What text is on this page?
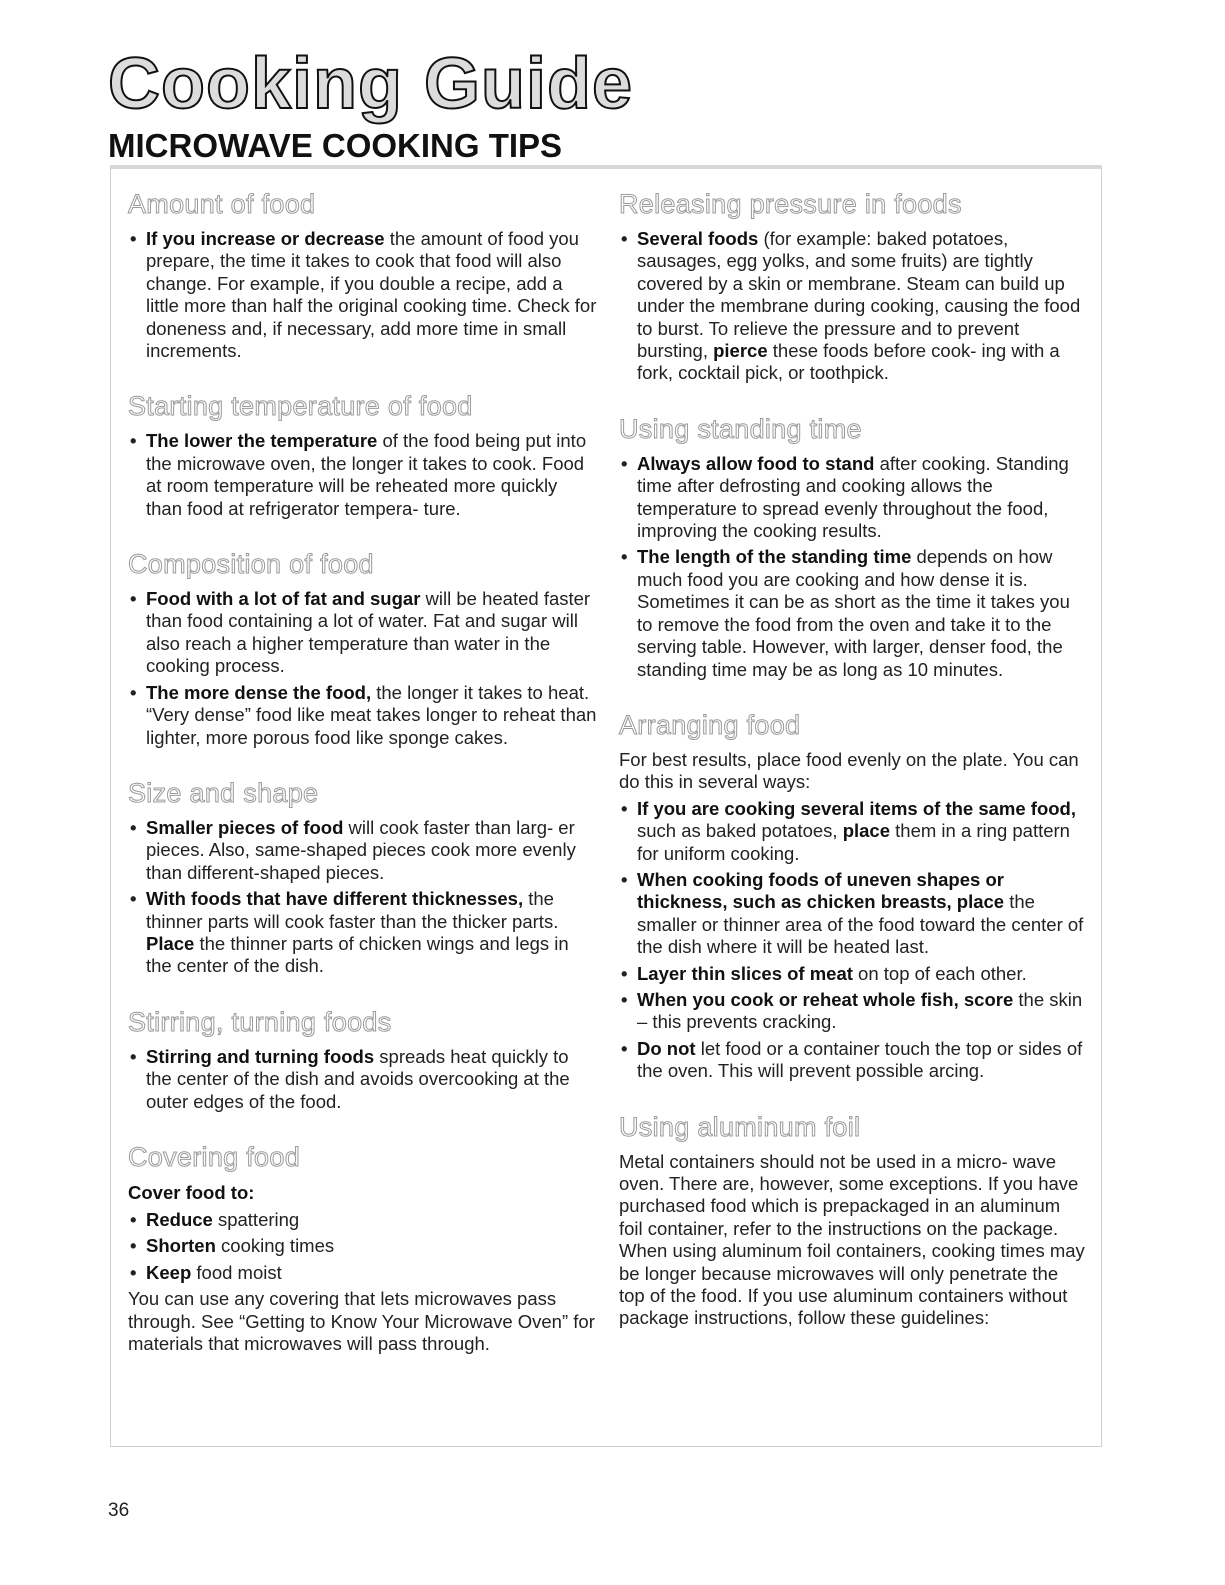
Cooking Guide
MICROWAVE COOKING TIPS
Amount of food
• If you increase or decrease the amount of food you prepare, the time it takes to cook that food will also change. For example, if you double a recipe, add a little more than half the original cooking time. Check for doneness and, if necessary, add more time in small increments.
Starting temperature of food
• The lower the temperature of the food being put into the microwave oven, the longer it takes to cook. Food at room temperature will be reheated more quickly than food at refrigerator tempera- ture.
Composition of food
• Food with a lot of fat and sugar will be heated faster than food containing a lot of water. Fat and sugar will also reach a higher temperature than water in the cooking process.
• The more dense the food, the longer it takes to heat. “Very dense” food like meat takes longer to reheat than lighter, more porous food like sponge cakes.
Size and shape
• Smaller pieces of food will cook faster than larg- er pieces. Also, same-shaped pieces cook more evenly than different-shaped pieces.
• With foods that have different thicknesses, the thinner parts will cook faster than the thicker parts. Place the thinner parts of chicken wings and legs in the center of the dish.
Stirring, turning foods
• Stirring and turning foods spreads heat quickly to the center of the dish and avoids overcooking at the outer edges of the food.
Covering food
Cover food to:
• Reduce spattering
• Shorten cooking times
• Keep food moist

You can use any covering that lets microwaves pass through. See “Getting to Know Your Microwave Oven” for materials that microwaves will pass through.

Releasing pressure in foods
• Several foods (for example: baked potatoes, sausages, egg yolks, and some fruits) are tightly covered by a skin or membrane. Steam can build up under the membrane during cooking, causing the food to burst. To relieve the pressure and to prevent bursting, pierce these foods before cook- ing with a fork, cocktail pick, or toothpick.
Using standing time
• Always allow food to stand after cooking. Standing time after defrosting and cooking allows the temperature to spread evenly throughout the food, improving the cooking results.
• The length of the standing time depends on how much food you are cooking and how dense it is. Sometimes it can be as short as the time it takes you to remove the food from the oven and take it to the serving table. However, with larger, denser food, the standing time may be as long as 10 minutes.
Arranging food

For best results, place food evenly on the plate. You can do this in several ways:

• If you are cooking several items of the same food, such as baked potatoes, place them in a ring pattern for uniform cooking.
• When cooking foods of uneven shapes or thickness, such as chicken breasts, place the smaller or thinner area of the food toward the center of the dish where it will be heated last.
• Layer thin slices of meat on top of each other.
• When you cook or reheat whole fish, score the skin – this prevents cracking.
• Do not let food or a container touch the top or sides of the oven. This will prevent possible arcing.
Using aluminum foil

Metal containers should not be used in a micro- wave oven. There are, however, some exceptions. If you have purchased food which is prepackaged in an aluminum foil container, refer to the instructions on the package. When using aluminum foil containers, cooking times may be longer because microwaves will only penetrate the top of the food. If you use aluminum containers without package instructions, follow these guidelines:

36
